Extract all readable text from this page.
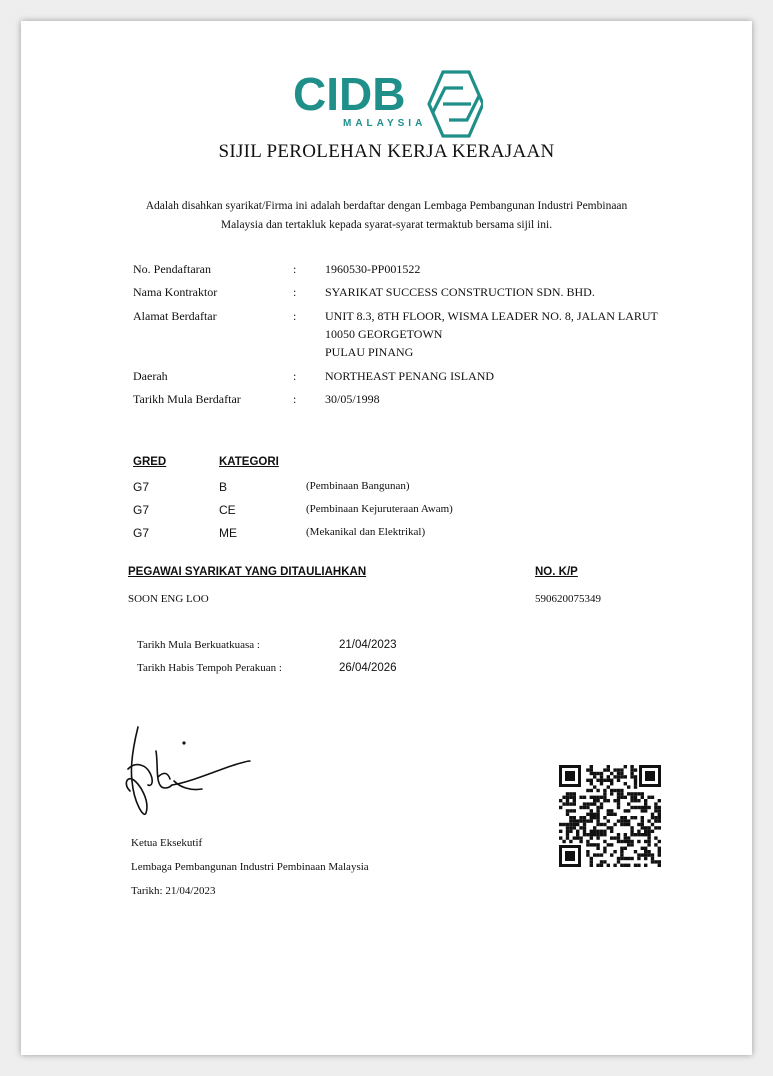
CIDB
MALAYSIA
SIJIL PEROLEHAN KERJA KERAJAAN
Adalah disahkan syarikat/Firma ini adalah berdaftar dengan Lembaga Pembangunan Industri Pembinaan
Malaysia dan tertakluk kepada syarat-syarat termaktub bersama sijil ini.
No. Pendaftaran	: 1960530-PP001522
Nama Kontraktor	: SYARIKAT SUCCESS CONSTRUCTION SDN. BHD.
Alamat Berdaftar	: UNIT 8.3, 8TH FLOOR, WISMA LEADER NO. 8, JALAN LARUT
10050 GEORGETOWN
PULAU PINANG
Daerah	: NORTHEAST PENANG ISLAND
Tarikh Mula Berdaftar	: 30/05/1998
GRED	KATEGORI
G7	B	(Pembinaan Bangunan)
G7	CE	(Pembinaan Kejuruteraan Awam)
G7	ME	(Mekanikal dan Elektrikal)
PEGAWAI SYARIKAT YANG DITAULIAHKAN	NO. K/P
SOON ENG LOO	590620075349
Tarikh Mula Berkuatkuasa :	21/04/2023
Tarikh Habis Tempoh Perakuan :	26/04/2026
Ketua Eksekutif
Lembaga Pembangunan Industri Pembinaan Malaysia
Tarikh: 21/04/2023
